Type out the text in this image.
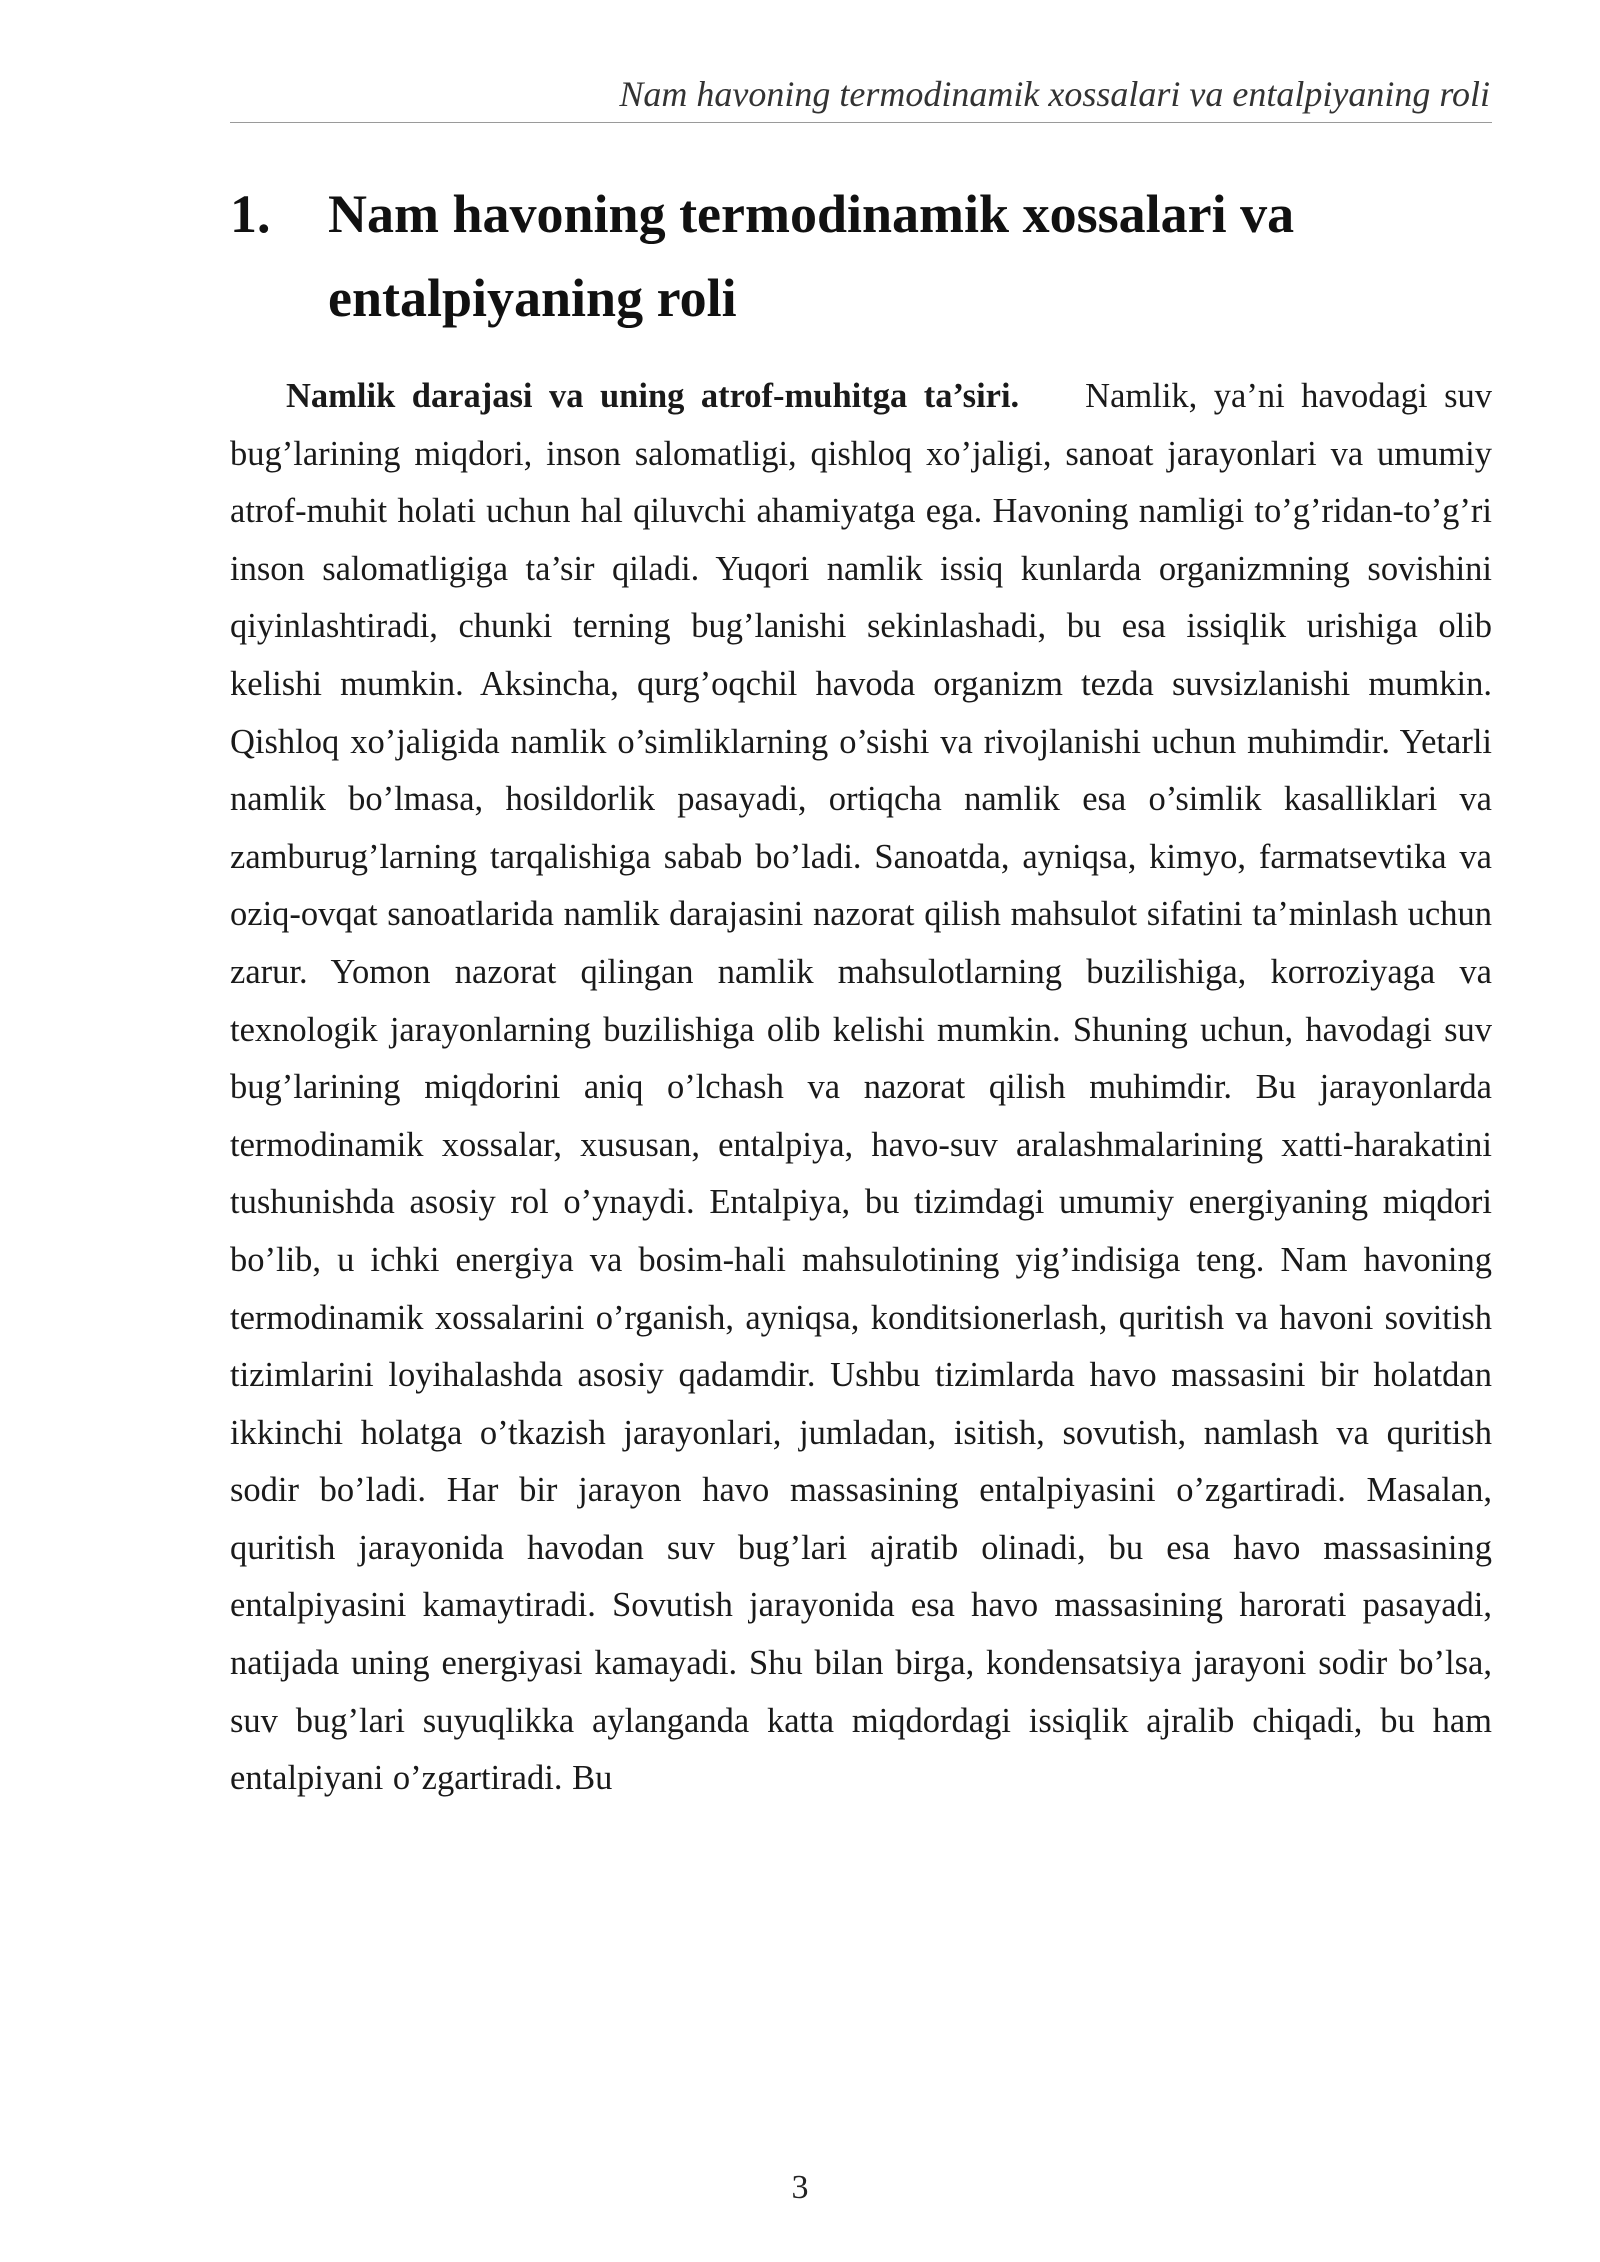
Nam havoning termodinamik xossalari va entalpiyaning roli
1.	Nam havoning termodinamik xossalari va entalpiyaning roli

Namlik darajasi va uning atrof-muhitga ta’siri. Namlik, ya’ni havodagi suv bug’larining miqdori, inson salomatligi, qishloq xo’jaligi, sanoat jarayonlari va umumiy atrof-muhit holati uchun hal qiluvchi ahamiyatga ega. Havoning namligi to’g’ridan-to’g’ri inson salomatligiga ta’sir qiladi. Yuqori namlik issiq kunlarda organizmning sovishini qiyinlashtiradi, chunki terning bug’lanishi sekinlashadi, bu esa issiqlik urishiga olib kelishi mumkin. Aksincha, qurg’oqchil havoda organizm tezda suvsizlanishi mumkin. Qishloq xo’jaligida namlik o’simliklarning o’sishi va rivojlanishi uchun muhimdir. Yetarli namlik bo’lmasa, hosildorlik pasayadi, ortiqcha namlik esa o’simlik kasalliklari va zamburug’larning tarqalishiga sabab bo’ladi. Sanoatda, ayniqsa, kimyo, farmatsevtika va oziq-ovqat sanoatlarida namlik darajasini nazorat qilish mahsulot sifatini ta’minlash uchun zarur. Yomon nazorat qilingan namlik mahsulotlarning buzilishiga, korroziyaga va texnologik jarayonlarning buzilishiga olib kelishi mumkin. Shuning uchun, havodagi suv bug’larining miqdorini aniq o’lchash va nazorat qilish muhimdir. Bu jarayonlarda termodinamik xossalar, xususan, entalpiya, havo-suv aralashmalarining xatti-harakatini tushunishda asosiy rol o’ynaydi. Entalpiya, bu tizimdagi umumiy energiyaning miqdori bo’lib, u ichki energiya va bosim-hali mahsulotining yig’indisiga teng. Nam havoning termodinamik xossalarini o’rganish, ayniqsa, konditsionerlash, quritish va havoni sovitish tizimlarini loyihalashda asosiy qadamdir. Ushbu tizimlarda havo massasini bir holatdan ikkinchi holatga o’tkazish jarayonlari, jumladan, isitish, sovutish, namlash va quritish sodir bo’ladi. Har bir jarayon havo massasining entalpiyasini o’zgartiradi. Masalan, quritish jarayonida havodan suv bug’lari ajratib olinadi, bu esa havo massasining entalpiyasini kamaytiradi. Sovutish jarayonida esa havo massasining harorati pasayadi, natijada uning energiyasi kamayadi. Shu bilan birga, kondensatsiya jarayoni sodir bo’lsa, suv bug’lari suyuqlikka aylanganda katta miqdordagi issiqlik ajralib chiqadi, bu ham entalpiyani o’zgartiradi. Bu

3
